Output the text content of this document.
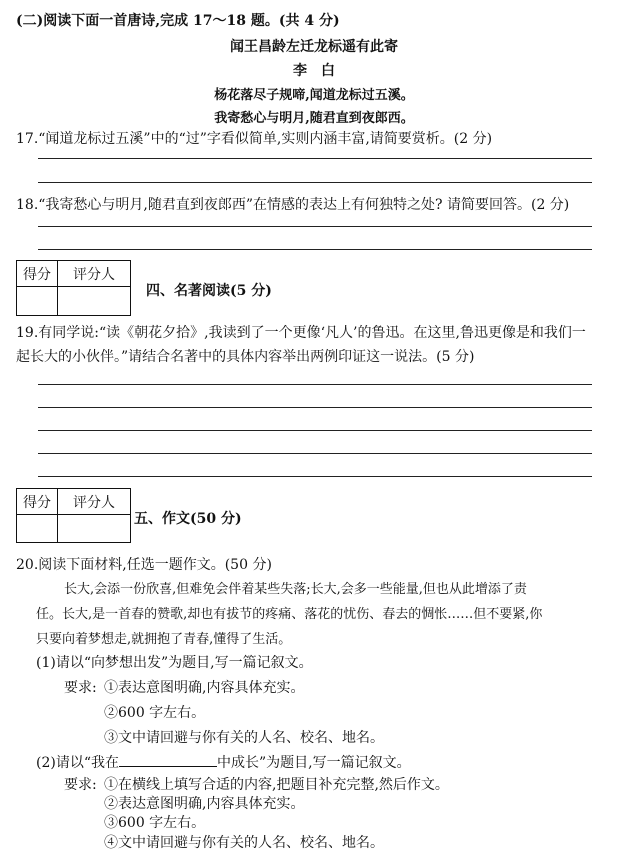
(二)阅读下面一首唐诗,完成 17～18 题。(共 4 分)
闻王昌龄左迁龙标遥有此寄
李　白
杨花落尽子规啼,闻道龙标过五溪。
我寄愁心与明月,随君直到夜郎西。
17.“闻道龙标过五溪”中的“过”字看似简单,实则内涵丰富,请简要赏析。(2 分)
18.“我寄愁心与明月,随君直到夜郎西”在情感的表达上有何独特之处? 请简要回答。(2 分)
得分	评分人

四、名著阅读(5 分)
19.有同学说:“读《朝花夕拾》,我读到了一个更像‘凡人’的鲁迅。在这里,鲁迅更像是和我们一
起长大的小伙伴。”请结合名著中的具体内容举出两例印证这一说法。(5 分)
得分	评分人

五、作文(50 分)
20.阅读下面材料,任选一题作文。(50 分)
长大,会添一份欣喜,但难免会伴着某些失落;长大,会多一些能量,但也从此增添了责
任。长大,是一首春的赞歌,却也有拔节的疼痛、落花的忧伤、春去的惆怅……但不要紧,你
只要向着梦想走,就拥抱了青春,懂得了生活。
(1)请以“向梦想出发”为题目,写一篇记叙文。
要求: ①表达意图明确,内容具体充实。
②600 字左右。
③文中请回避与你有关的人名、校名、地名。
(2)请以“我在	中成长”为题目,写一篇记叙文。
要求: ①在横线上填写合适的内容,把题目补充完整,然后作文。
②表达意图明确,内容具体充实。
③600 字左右。
④文中请回避与你有关的人名、校名、地名。
